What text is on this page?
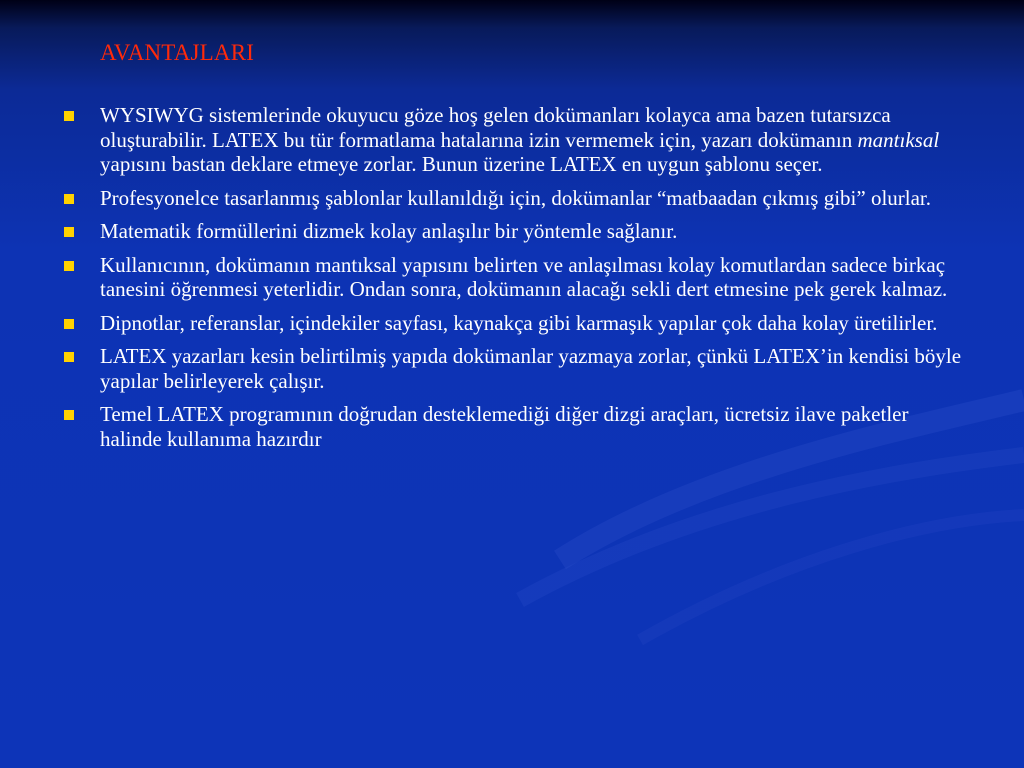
AVANTAJLARI
WYSIWYG sistemlerinde okuyucu göze hoş gelen dokümanları kolayca ama bazen tutarsızca oluşturabilir. LATEX bu tür formatlama hatalarına izin vermemek için, yazarı dokümanın mantıksal yapısını bastan deklare etmeye zorlar. Bunun üzerine LATEX en uygun şablonu seçer.
Profesyonelce tasarlanmış şablonlar kullanıldığı için, dokümanlar “matbaadan çıkmış gibi” olurlar.
Matematik formüllerini dizmek kolay anlaşılır bir yöntemle sağlanır.
Kullanıcının, dokümanın mantıksal yapısını belirten ve anlaşılması kolay komutlardan sadece birkaç tanesini öğrenmesi yeterlidir. Ondan sonra, dokümanın alacağı sekli dert etmesine pek gerek kalmaz.
Dipnotlar, referanslar, içindekiler sayfası, kaynakça gibi karmaşık yapılar çok daha kolay üretilirler.
LATEX yazarları kesin belirtilmiş yapıda dokümanlar yazmaya zorlar, çünkü LATEX’in kendisi böyle yapılar belirleyerek çalışır.
Temel LATEX programının doğrudan desteklemediği diğer dizgi araçları, ücretsiz ilave paketler halinde kullanıma hazırdır
